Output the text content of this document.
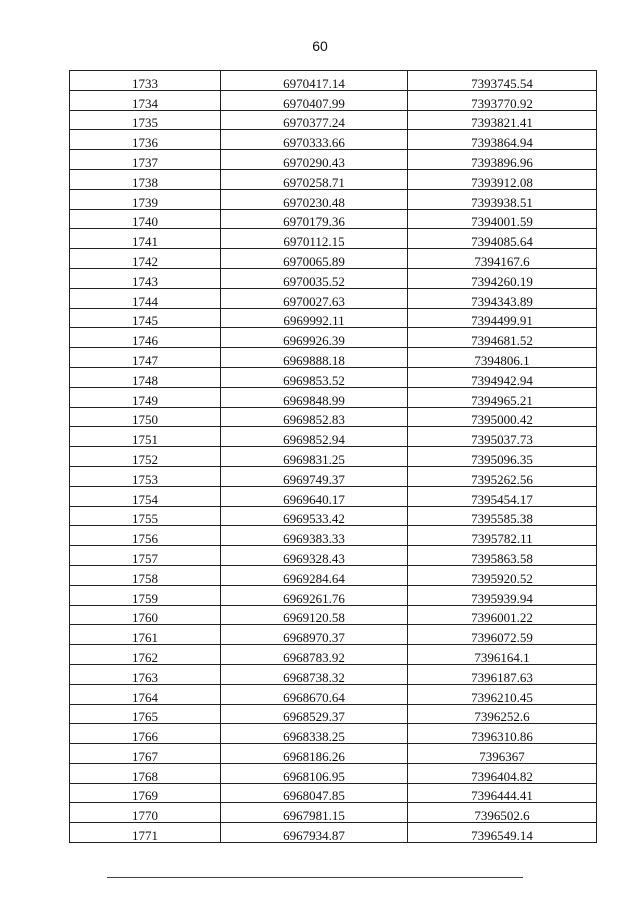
60
1733	6970417.14	7393745.54
1734	6970407.99	7393770.92
1735	6970377.24	7393821.41
1736	6970333.66	7393864.94
1737	6970290.43	7393896.96
1738	6970258.71	7393912.08
1739	6970230.48	7393938.51
1740	6970179.36	7394001.59
1741	6970112.15	7394085.64
1742	6970065.89	7394167.6
1743	6970035.52	7394260.19
1744	6970027.63	7394343.89
1745	6969992.11	7394499.91
1746	6969926.39	7394681.52
1747	6969888.18	7394806.1
1748	6969853.52	7394942.94
1749	6969848.99	7394965.21
1750	6969852.83	7395000.42
1751	6969852.94	7395037.73
1752	6969831.25	7395096.35
1753	6969749.37	7395262.56
1754	6969640.17	7395454.17
1755	6969533.42	7395585.38
1756	6969383.33	7395782.11
1757	6969328.43	7395863.58
1758	6969284.64	7395920.52
1759	6969261.76	7395939.94
1760	6969120.58	7396001.22
1761	6968970.37	7396072.59
1762	6968783.92	7396164.1
1763	6968738.32	7396187.63
1764	6968670.64	7396210.45
1765	6968529.37	7396252.6
1766	6968338.25	7396310.86
1767	6968186.26	7396367
1768	6968106.95	7396404.82
1769	6968047.85	7396444.41
1770	6967981.15	7396502.6
1771	6967934.87	7396549.14
